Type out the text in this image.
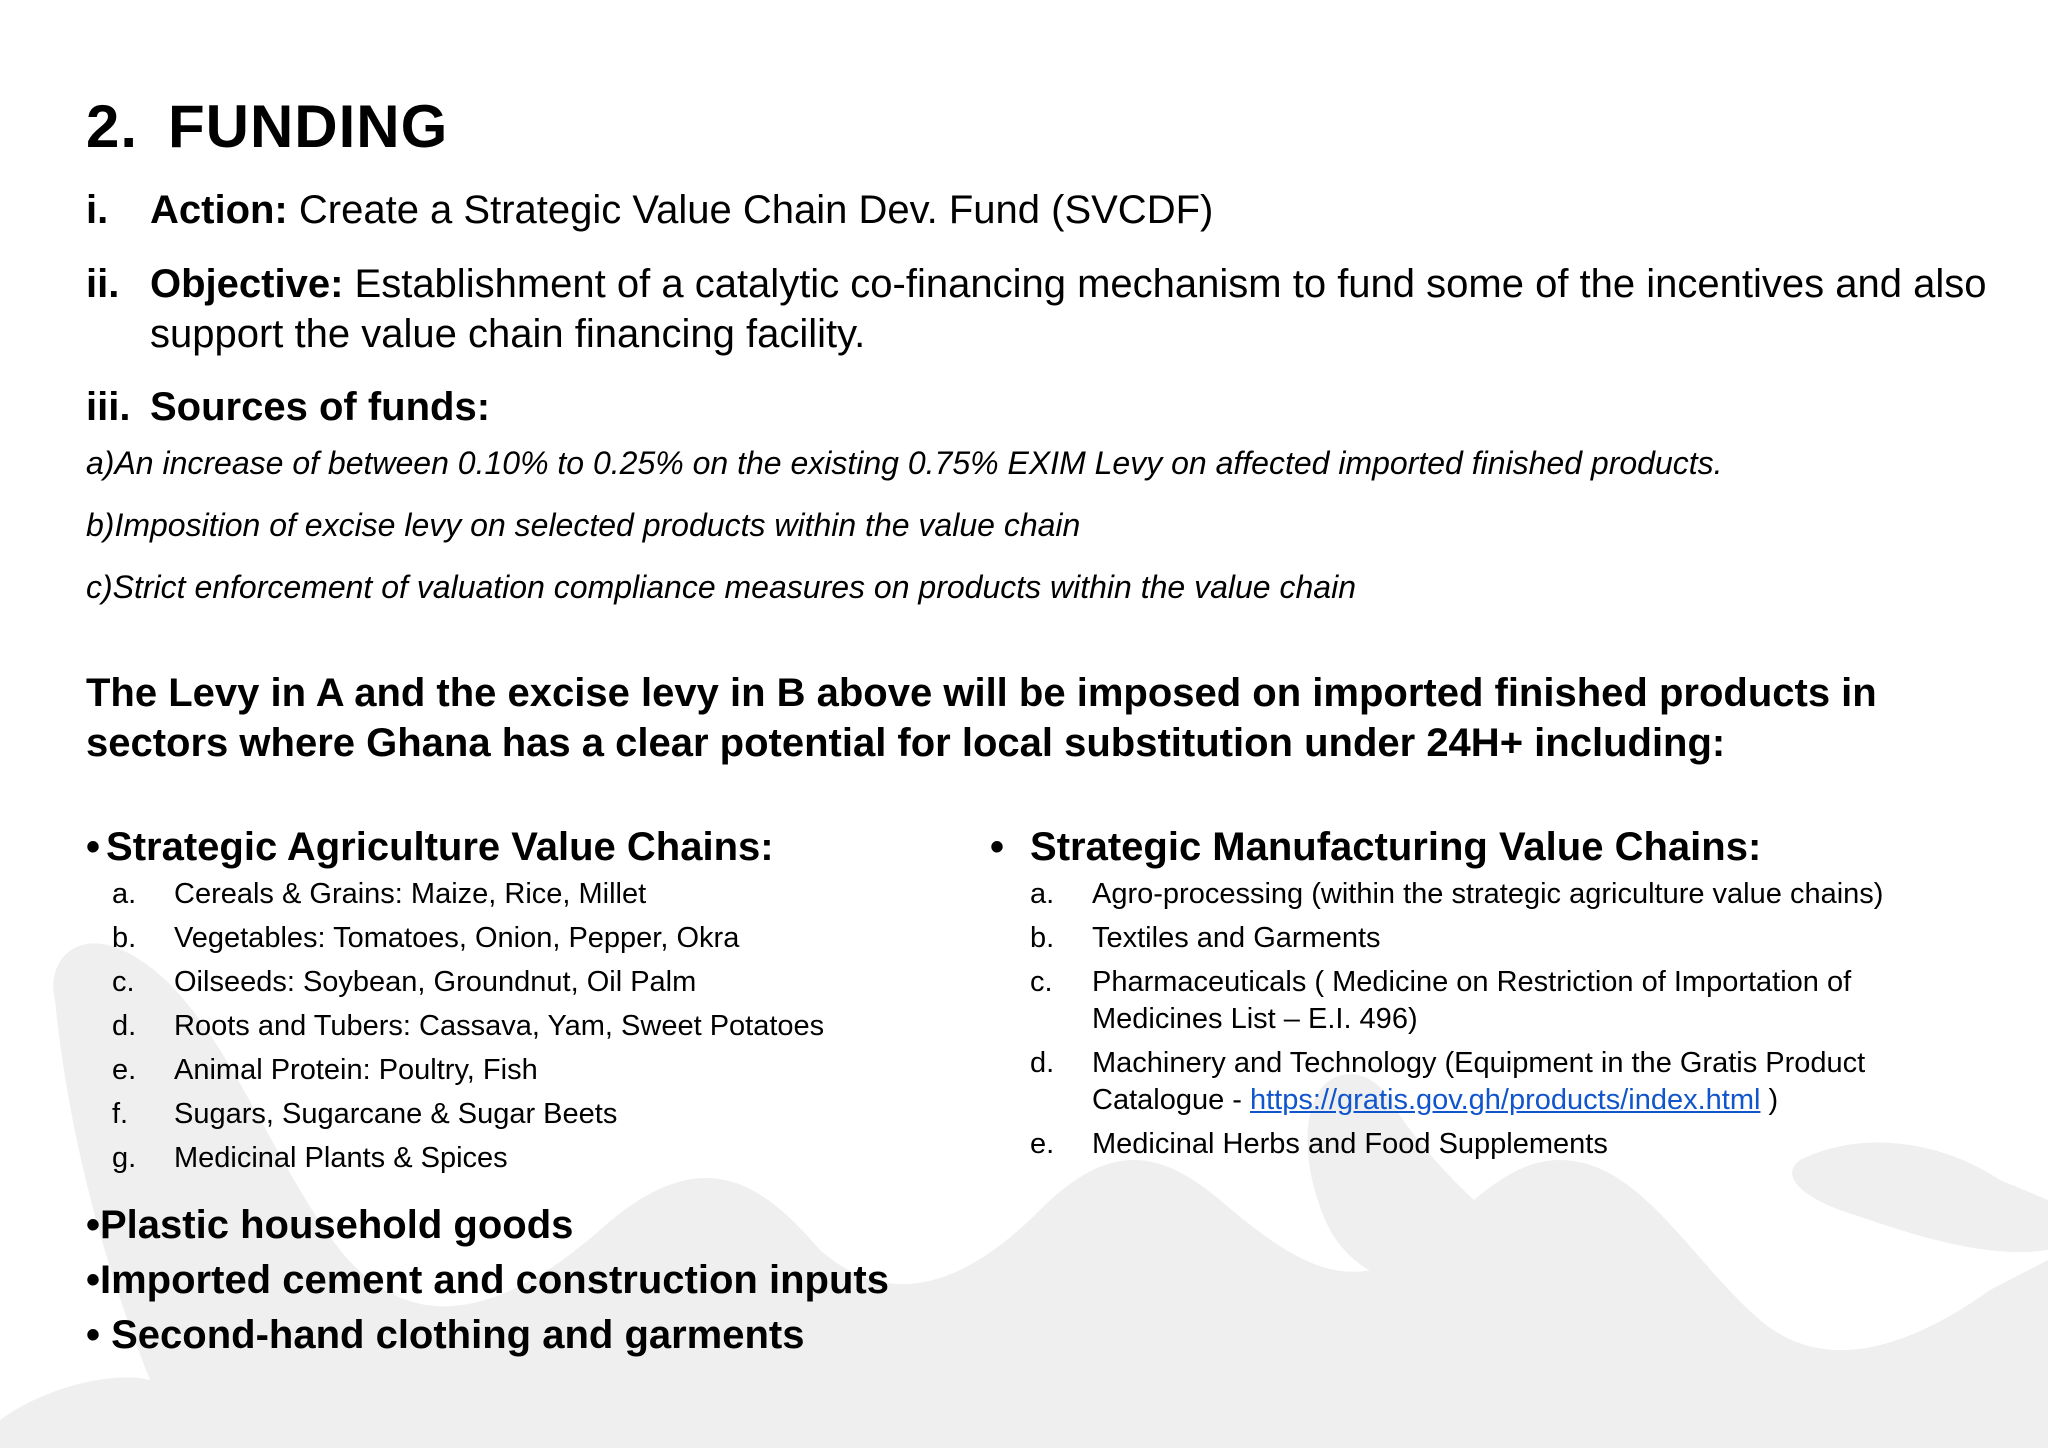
2. FUNDING
i. Action: Create a Strategic Value Chain Dev. Fund (SVCDF)
ii. Objective: Establishment of a catalytic co-financing mechanism to fund some of the incentives and also support the value chain financing facility.
iii. Sources of funds:
a)An increase of between 0.10% to 0.25% on the existing 0.75% EXIM Levy on affected imported finished products.
b)Imposition of excise levy on selected products within the value chain
c)Strict enforcement of valuation compliance measures on products within the value chain

The Levy in A and the excise levy in B above will be imposed on imported finished products in sectors where Ghana has a clear potential for local substitution under 24H+ including:

• Strategic Agriculture Value Chains:
a. Cereals & Grains: Maize, Rice, Millet
b. Vegetables: Tomatoes, Onion, Pepper, Okra
c. Oilseeds: Soybean, Groundnut, Oil Palm
d. Roots and Tubers: Cassava, Yam, Sweet Potatoes
e. Animal Protein: Poultry, Fish
f. Sugars, Sugarcane & Sugar Beets
g. Medicinal Plants & Spices
• Strategic Manufacturing Value Chains:
a. Agro-processing (within the strategic agriculture value chains)
b. Textiles and Garments
c. Pharmaceuticals ( Medicine on Restriction of Importation of Medicines List – E.I. 496)
d. Machinery and Technology (Equipment in the Gratis Product Catalogue - https://gratis.gov.gh/products/index.html )
e. Medicinal Herbs and Food Supplements
•Plastic household goods
•Imported cement and construction inputs
• Second-hand clothing and garments
